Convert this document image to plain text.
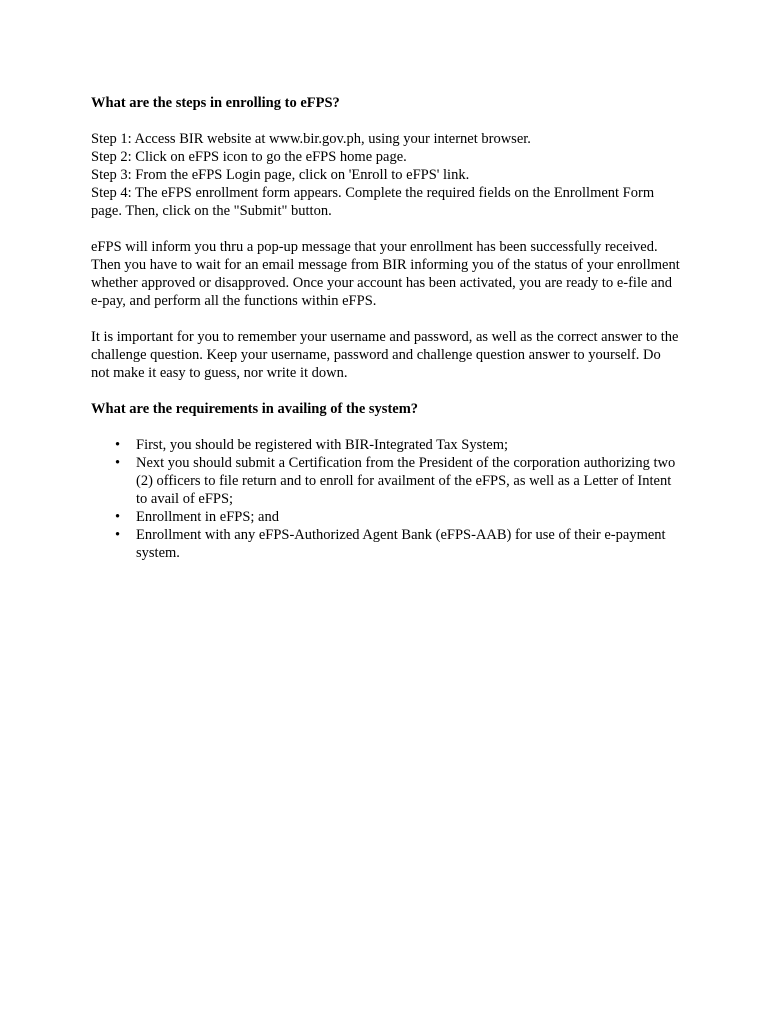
What are the steps in enrolling to eFPS?
Step 1: Access BIR website at www.bir.gov.ph, using your internet browser.
Step 2: Click on eFPS icon to go the eFPS home page.
Step 3: From the eFPS Login page, click on 'Enroll to eFPS' link.
Step 4: The eFPS enrollment form appears. Complete the required fields on the Enrollment Form page. Then, click on the "Submit" button.

eFPS will inform you thru a pop-up message that your enrollment has been successfully received. Then you have to wait for an email message from BIR informing you of the status of your enrollment whether approved or disapproved. Once your account has been activated, you are ready to e-file and e-pay, and perform all the functions within eFPS.

It is important for you to remember your username and password, as well as the correct answer to the challenge question. Keep your username, password and challenge question answer to yourself. Do not make it easy to guess, nor write it down.

What are the requirements in availing of the system?
• First, you should be registered with BIR-Integrated Tax System;
• Next you should submit a Certification from the President of the corporation authorizing two (2) officers to file return and to enroll for availment of the eFPS, as well as a Letter of Intent to avail of eFPS;
• Enrollment in eFPS; and
• Enrollment with any eFPS-Authorized Agent Bank (eFPS-AAB) for use of their e-payment system.
